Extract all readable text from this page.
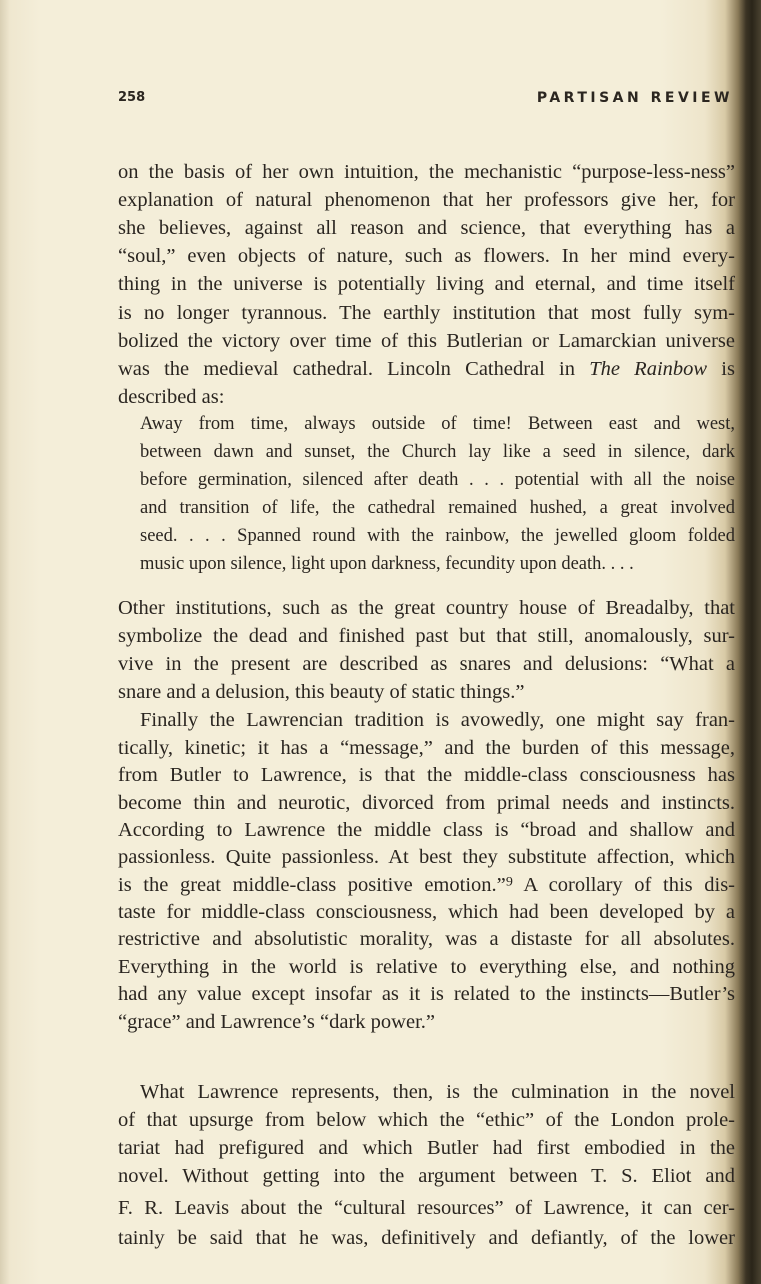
258	PARTISAN REVIEW
on the basis of her own intuition, the mechanistic “purpose-less-ness”
explanation of natural phenomenon that her professors give her, for
she believes, against all reason and science, that everything has a
“soul,” even objects of nature, such as flowers. In her mind every-
thing in the universe is potentially living and eternal, and time itself
is no longer tyrannous. The earthly institution that most fully sym-
bolized the victory over time of this Butlerian or Lamarckian universe
was the medieval cathedral. Lincoln Cathedral in The Rainbow is
described as:
Away from time, always outside of time! Between east and west,
between dawn and sunset, the Church lay like a seed in silence, dark
before germination, silenced after death . . . potential with all the noise
and transition of life, the cathedral remained hushed, a great involved
seed. . . . Spanned round with the rainbow, the jewelled gloom folded
music upon silence, light upon darkness, fecundity upon death. . . .
Other institutions, such as the great country house of Breadalby, that
symbolize the dead and finished past but that still, anomalously, sur-
vive in the present are described as snares and delusions: “What a
snare and a delusion, this beauty of static things.”
Finally the Lawrencian tradition is avowedly, one might say fran-
tically, kinetic; it has a “message,” and the burden of this message,
from Butler to Lawrence, is that the middle-class consciousness has
become thin and neurotic, divorced from primal needs and instincts.
According to Lawrence the middle class is “broad and shallow and
passionless. Quite passionless. At best they substitute affection, which
is the great middle-class positive emotion.”⁹ A corollary of this dis-
taste for middle-class consciousness, which had been developed by a
restrictive and absolutistic morality, was a distaste for all absolutes.
Everything in the world is relative to everything else, and nothing
had any value except insofar as it is related to the instincts—Butler’s
“grace” and Lawrence’s “dark power.”
What Lawrence represents, then, is the culmination in the novel
of that upsurge from below which the “ethic” of the London prole-
tariat had prefigured and which Butler had first embodied in the
novel. Without getting into the argument between T. S. Eliot and
F. R. Leavis about the “cultural resources” of Lawrence, it can cer-
tainly be said that he was, definitively and defiantly, of the lower
